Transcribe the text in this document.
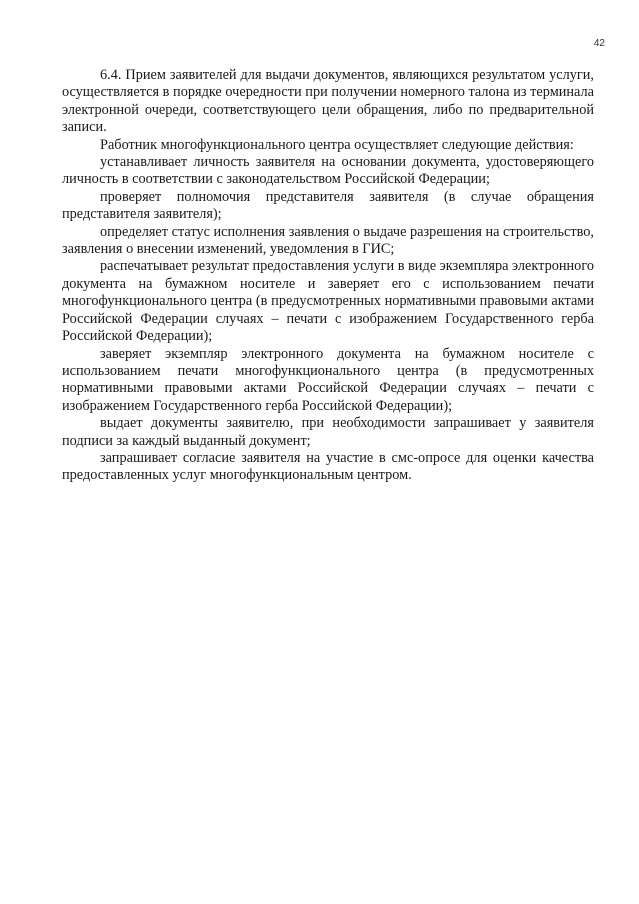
42

6.4. Прием заявителей для выдачи документов, являющихся результатом услуги, осуществляется в порядке очередности при получении номерного талона из терминала электронной очереди, соответствующего цели обращения, либо по предварительной записи.

Работник многофункционального центра осуществляет следующие действия:

устанавливает личность заявителя на основании документа, удостоверяющего личность в соответствии с законодательством Российской Федерации;

проверяет полномочия представителя заявителя (в случае обращения представителя заявителя);

определяет статус исполнения заявления о выдаче разрешения на строительство, заявления о внесении изменений, уведомления в ГИС;

распечатывает результат предоставления услуги в виде экземпляра электронного документа на бумажном носителе и заверяет его с использованием печати многофункционального центра (в предусмотренных нормативными правовыми актами Российской Федерации случаях – печати с изображением Государственного герба Российской Федерации);

заверяет экземпляр электронного документа на бумажном носителе с использованием печати многофункционального центра (в предусмотренных нормативными правовыми актами Российской Федерации случаях – печати с изображением Государственного герба Российской Федерации);

выдает документы заявителю, при необходимости запрашивает у заявителя подписи за каждый выданный документ;

запрашивает согласие заявителя на участие в смс-опросе для оценки качества предоставленных услуг многофункциональным центром.
